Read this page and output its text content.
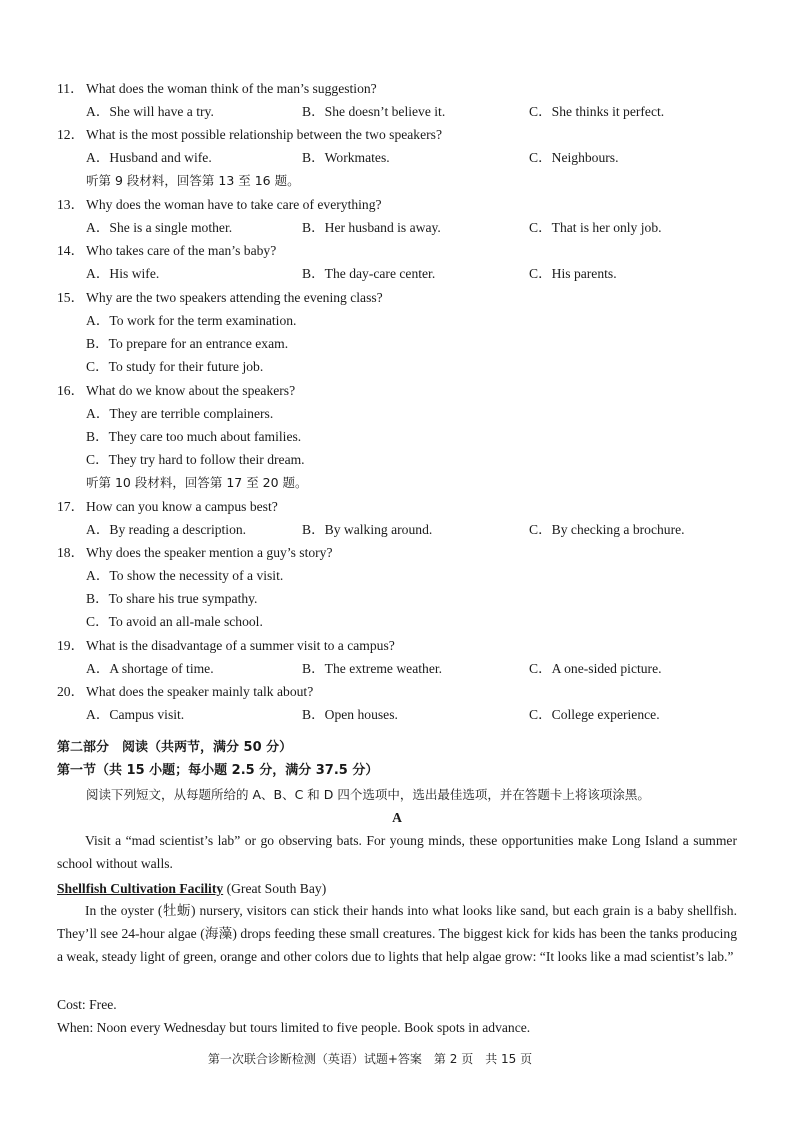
11． What does the woman think of the man’s suggestion?
A．She will have a try.	B．She doesn’t believe it.	C．She thinks it perfect.
12． What is the most possible relationship between the two speakers?
A．Husband and wife.	B．Workmates.	C．Neighbours.
听第 9 段材料，回答第 13 至 16 题。
13． Why does the woman have to take care of everything?
A．She is a single mother.	B．Her husband is away.	C．That is her only job.
14． Who takes care of the man’s baby?
A．His wife.	B．The day-care center.	C．His parents.
15． Why are the two speakers attending the evening class?
A．To work for the term examination.
B．To prepare for an entrance exam.
C．To study for their future job.
16． What do we know about the speakers?
A．They are terrible complainers.
B．They care too much about families.
C．They try hard to follow their dream.
听第 10 段材料，回答第 17 至 20 题。
17． How can you know a campus best?
A．By reading a description.	B．By walking around.	C．By checking a brochure.
18． Why does the speaker mention a guy’s story?
A．To show the necessity of a visit.
B．To share his true sympathy.
C．To avoid an all-male school.
19． What is the disadvantage of a summer visit to a campus?
A．A shortage of time.	B．The extreme weather.	C．A one-sided picture.
20． What does the speaker mainly talk about?
A．Campus visit.	B．Open houses.	C．College experience.
第二部分　阅读（共两节，满分 50 分）
第一节（共 15 小题；每小题 2.5 分，满分 37.5 分）
阅读下列短文，从每题所给的 A、B、C 和 D 四个选项中，选出最佳选项，并在答题卡上将该项涂黑。
A
Visit a “mad scientist’s lab” or go observing bats. For young minds, these opportunities make Long Island a summer school without walls.
Shellfish Cultivation Facility (Great South Bay)
In the oyster (牡蛎) nursery, visitors can stick their hands into what looks like sand, but each grain is a baby shellfish. They’ll see 24-hour algae (海藻) drops feeding these small creatures. The biggest kick for kids has been the tanks producing a weak, steady light of green, orange and other colors due to lights that help algae grow: “It looks like a mad scientist’s lab.”
Cost: Free.
When: Noon every Wednesday but tours limited to five people. Book spots in advance.
第一次联合诊断检测（英语）试题+答案　第 2 页　共 15 页
